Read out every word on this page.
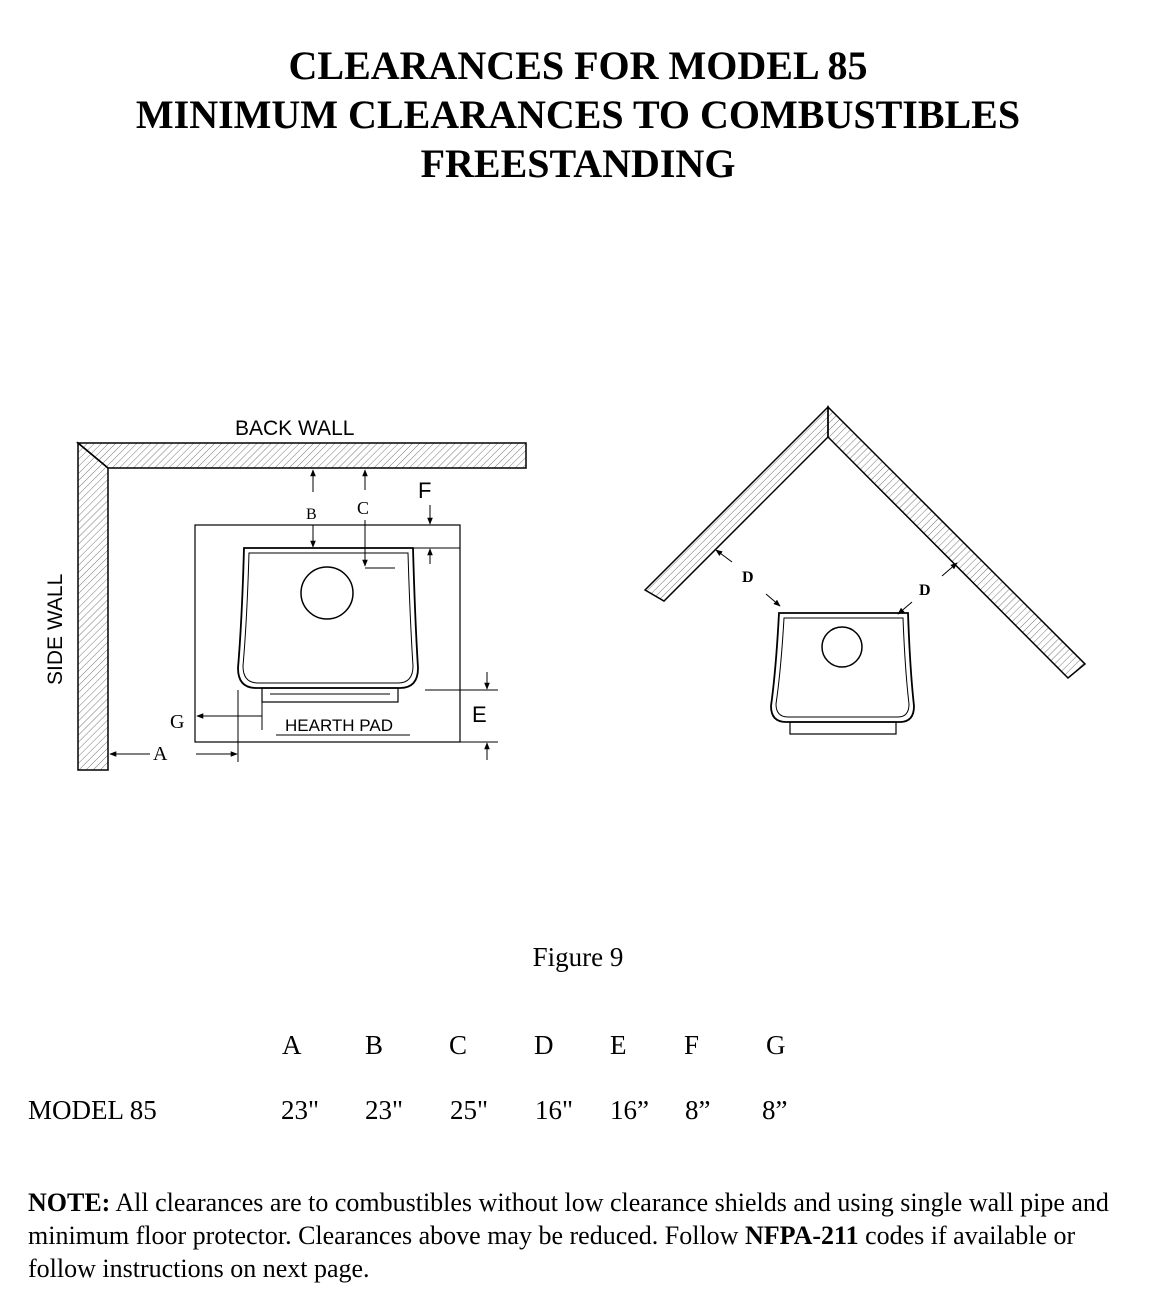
CLEARANCES FOR MODEL 85
MINIMUM CLEARANCES TO COMBUSTIBLES
FREESTANDING
BACK WALL
SIDE WALL
HEARTH PAD
B C
F
E
G
A
D
D
Figure 9
A B C D E F G
MODEL 85	23" 23" 25" 16" 16” 8” 8”
NOTE: All clearances are to combustibles without low clearance shields and using single wall pipe and minimum floor protector. Clearances above may be reduced. Follow NFPA-211 codes if available or follow instructions on next page.
